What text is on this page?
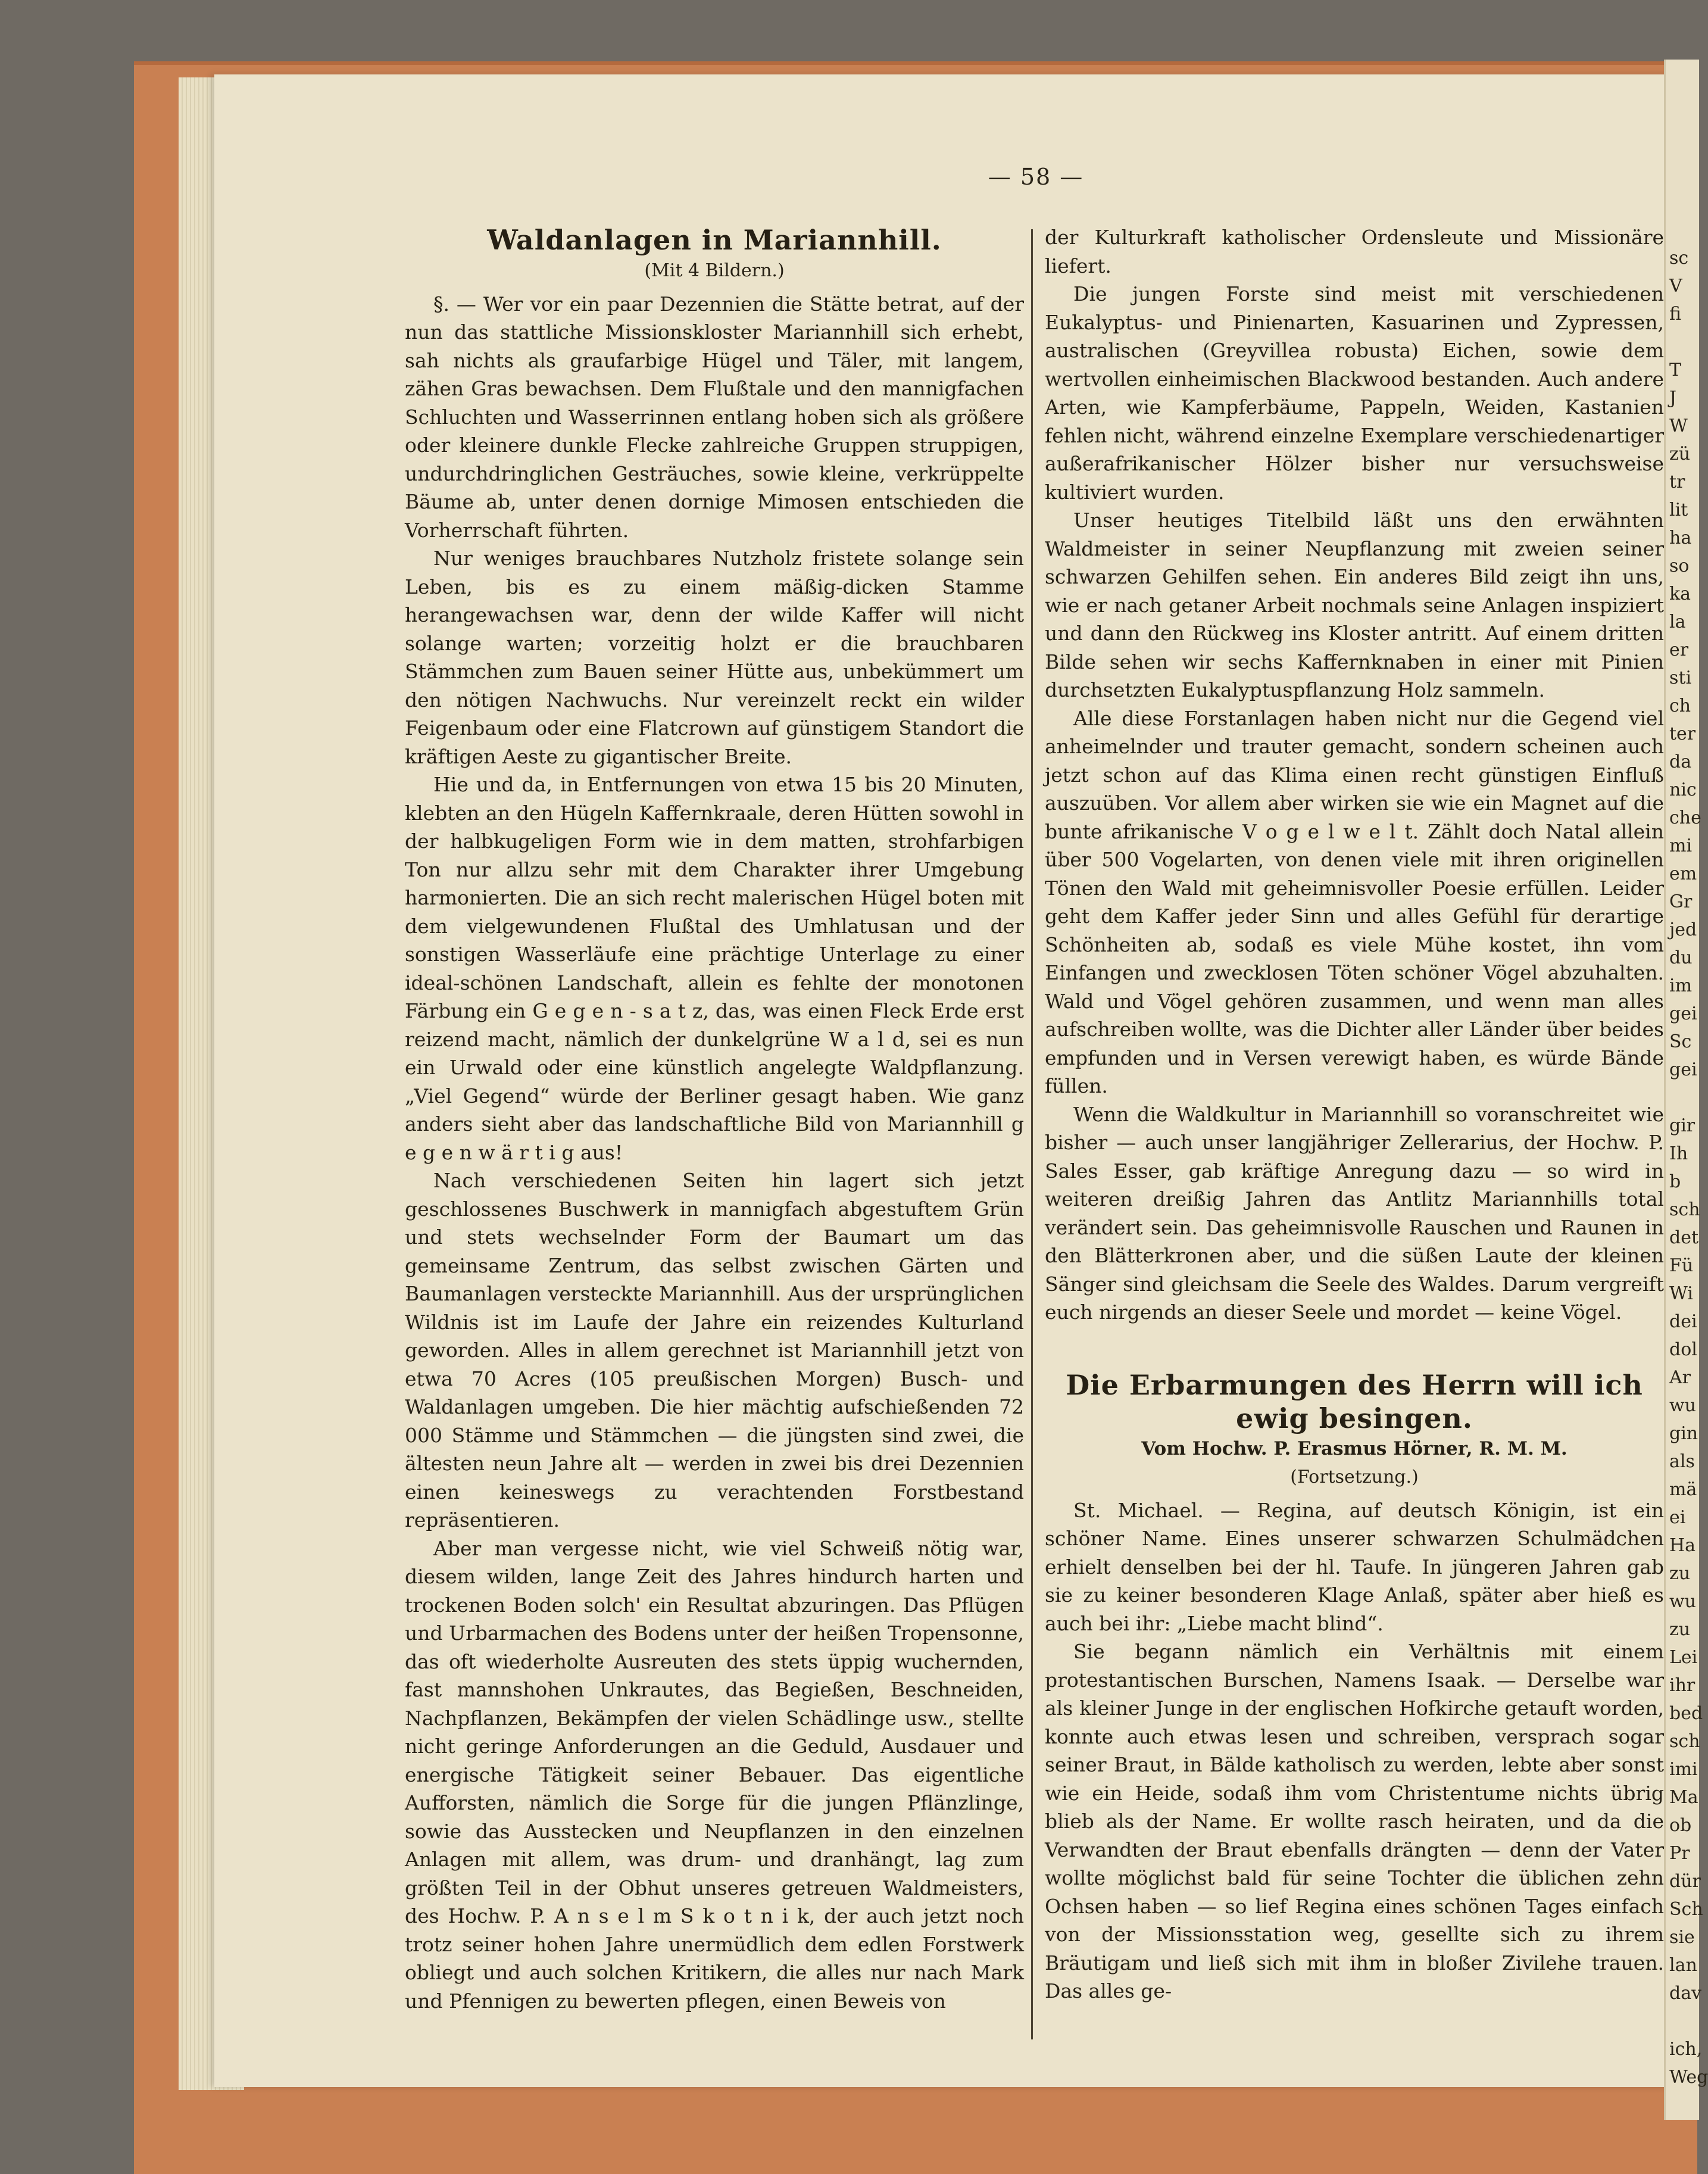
— 58 —

Waldanlagen in Mariannhill.

(Mit 4 Bildern.)

§. — Wer vor ein paar Dezennien die Stätte betrat, auf der nun das stattliche Missionskloster Mariannhill sich erhebt, sah nichts als graufarbige Hügel und Täler, mit langem, zähen Gras bewachsen. Dem Flußtale und den mannigfachen Schluchten und Wasserrinnen entlang hoben sich als größere oder kleinere dunkle Flecke zahlreiche Gruppen struppigen, undurchdringlichen Gesträuches, sowie kleine, verkrüppelte Bäume ab, unter denen dornige Mimosen entschieden die Vorherrschaft führten.

Nur weniges brauchbares Nutzholz fristete solange sein Leben, bis es zu einem mäßig-dicken Stamme herangewachsen war, denn der wilde Kaffer will nicht solange warten; vorzeitig holzt er die brauchbaren Stämmchen zum Bauen seiner Hütte aus, unbekümmert um den nötigen Nachwuchs. Nur vereinzelt reckt ein wilder Feigenbaum oder eine Flatcrown auf günstigem Standort die kräftigen Aeste zu gigantischer Breite.

Hie und da, in Entfernungen von etwa 15 bis 20 Minuten, klebten an den Hügeln Kaffernkraale, deren Hütten sowohl in der halbkugeligen Form wie in dem matten, strohfarbigen Ton nur allzu sehr mit dem Charakter ihrer Umgebung harmonierten. Die an sich recht malerischen Hügel boten mit dem vielgewundenen Flußtal des Umhlatusan und der sonstigen Wasserläufe eine prächtige Unterlage zu einer ideal-schönen Landschaft, allein es fehlte der monotonen Färbung ein G e g e n - s a t z, das, was einen Fleck Erde erst reizend macht, nämlich der dunkelgrüne W a l d, sei es nun ein Urwald oder eine künstlich angelegte Waldpflanzung. „Viel Gegend“ würde der Berliner gesagt haben. Wie ganz anders sieht aber das landschaftliche Bild von Mariannhill g e g e n w ä r t i g aus!

Nach verschiedenen Seiten hin lagert sich jetzt geschlossenes Buschwerk in mannigfach abgestuftem Grün und stets wechselnder Form der Baumart um das gemeinsame Zentrum, das selbst zwischen Gärten und Baumanlagen versteckte Mariannhill. Aus der ursprünglichen Wildnis ist im Laufe der Jahre ein reizendes Kulturland geworden. Alles in allem gerechnet ist Mariannhill jetzt von etwa 70 Acres (105 preußischen Morgen) Busch- und Waldanlagen umgeben. Die hier mächtig aufschießenden 72 000 Stämme und Stämmchen — die jüngsten sind zwei, die ältesten neun Jahre alt — werden in zwei bis drei Dezennien einen keineswegs zu verachtenden Forstbestand repräsentieren.

Aber man vergesse nicht, wie viel Schweiß nötig war, diesem wilden, lange Zeit des Jahres hindurch harten und trockenen Boden solch' ein Resultat abzuringen. Das Pflügen und Urbarmachen des Bodens unter der heißen Tropensonne, das oft wiederholte Ausreuten des stets üppig wuchernden, fast mannshohen Unkrautes, das Begießen, Beschneiden, Nachpflanzen, Bekämpfen der vielen Schädlinge usw., stellte nicht geringe Anforderungen an die Geduld, Ausdauer und energische Tätigkeit seiner Bebauer. Das eigentliche Aufforsten, nämlich die Sorge für die jungen Pflänzlinge, sowie das Ausstecken und Neupflanzen in den einzelnen Anlagen mit allem, was drum- und dranhängt, lag zum größten Teil in der Obhut unseres getreuen Waldmeisters, des Hochw. P. A n s e l m S k o t n i k, der auch jetzt noch trotz seiner hohen Jahre unermüdlich dem edlen Forstwerk obliegt und auch solchen Kritikern, die alles nur nach Mark und Pfennigen zu bewerten pflegen, einen Beweis von

der Kulturkraft katholischer Ordensleute und Missionäre liefert.

Die jungen Forste sind meist mit verschiedenen Eukalyptus- und Pinienarten, Kasuarinen und Zypressen, australischen (Greyvillea robusta) Eichen, sowie dem wertvollen einheimischen Blackwood bestanden. Auch andere Arten, wie Kampferbäume, Pappeln, Weiden, Kastanien fehlen nicht, während einzelne Exemplare verschiedenartiger außerafrikanischer Hölzer bisher nur versuchsweise kultiviert wurden.

Unser heutiges Titelbild läßt uns den erwähnten Waldmeister in seiner Neupflanzung mit zweien seiner schwarzen Gehilfen sehen. Ein anderes Bild zeigt ihn uns, wie er nach getaner Arbeit nochmals seine Anlagen inspiziert und dann den Rückweg ins Kloster antritt. Auf einem dritten Bilde sehen wir sechs Kaffernknaben in einer mit Pinien durchsetzten Eukalyptuspflanzung Holz sammeln.

Alle diese Forstanlagen haben nicht nur die Gegend viel anheimelnder und trauter gemacht, sondern scheinen auch jetzt schon auf das Klima einen recht günstigen Einfluß auszuüben. Vor allem aber wirken sie wie ein Magnet auf die bunte afrikanische V o g e l w e l t. Zählt doch Natal allein über 500 Vogelarten, von denen viele mit ihren originellen Tönen den Wald mit geheimnisvoller Poesie erfüllen. Leider geht dem Kaffer jeder Sinn und alles Gefühl für derartige Schönheiten ab, sodaß es viele Mühe kostet, ihn vom Einfangen und zwecklosen Töten schöner Vögel abzuhalten. Wald und Vögel gehören zusammen, und wenn man alles aufschreiben wollte, was die Dichter aller Länder über beides empfunden und in Versen verewigt haben, es würde Bände füllen.

Wenn die Waldkultur in Mariannhill so voranschreitet wie bisher — auch unser langjähriger Zellerarius, der Hochw. P. Sales Esser, gab kräftige Anregung dazu — so wird in weiteren dreißig Jahren das Antlitz Mariannhills total verändert sein. Das geheimnisvolle Rauschen und Raunen in den Blätterkronen aber, und die süßen Laute der kleinen Sänger sind gleichsam die Seele des Waldes. Darum vergreift euch nirgends an dieser Seele und mordet — keine Vögel.

Die Erbarmungen des Herrn will ich ewig besingen.

Vom Hochw. P. Erasmus Hörner, R. M. M.

(Fortsetzung.)

St. Michael. — Regina, auf deutsch Königin, ist ein schöner Name. Eines unserer schwarzen Schulmädchen erhielt denselben bei der hl. Taufe. In jüngeren Jahren gab sie zu keiner besonderen Klage Anlaß, später aber hieß es auch bei ihr: „Liebe macht blind“.

Sie begann nämlich ein Verhältnis mit einem protestantischen Burschen, Namens Isaak. — Derselbe war als kleiner Junge in der englischen Hofkirche getauft worden, konnte auch etwas lesen und schreiben, versprach sogar seiner Braut, in Bälde katholisch zu werden, lebte aber sonst wie ein Heide, sodaß ihm vom Christentume nichts übrig blieb als der Name. Er wollte rasch heiraten, und da die Verwandten der Braut ebenfalls drängten — denn der Vater wollte möglichst bald für seine Tochter die üblichen zehn Ochsen haben — so lief Regina eines schönen Tages einfach von der Missionsstation weg, gesellte sich zu ihrem Bräutigam und ließ sich mit ihm in bloßer Zivilehe trauen. Das alles ge-

sc

V

fi

T

J

W

zü

tr

lit

ha

so

ka

la

er

sti

ch

ter

da

nic

che

mi

em

Gr

jed

du

im

gei

Sc

gei

gir

Ih

b

sch

det

Fü

Wi

dei

dol

Ar

wu

gin

als

mä

ei

Ha

zu

wu

zu

Lei

ihr

bed

sch

imi

Ma

ob

Pr

dür

Sch

sie

lan

dav

ich,

Weg
